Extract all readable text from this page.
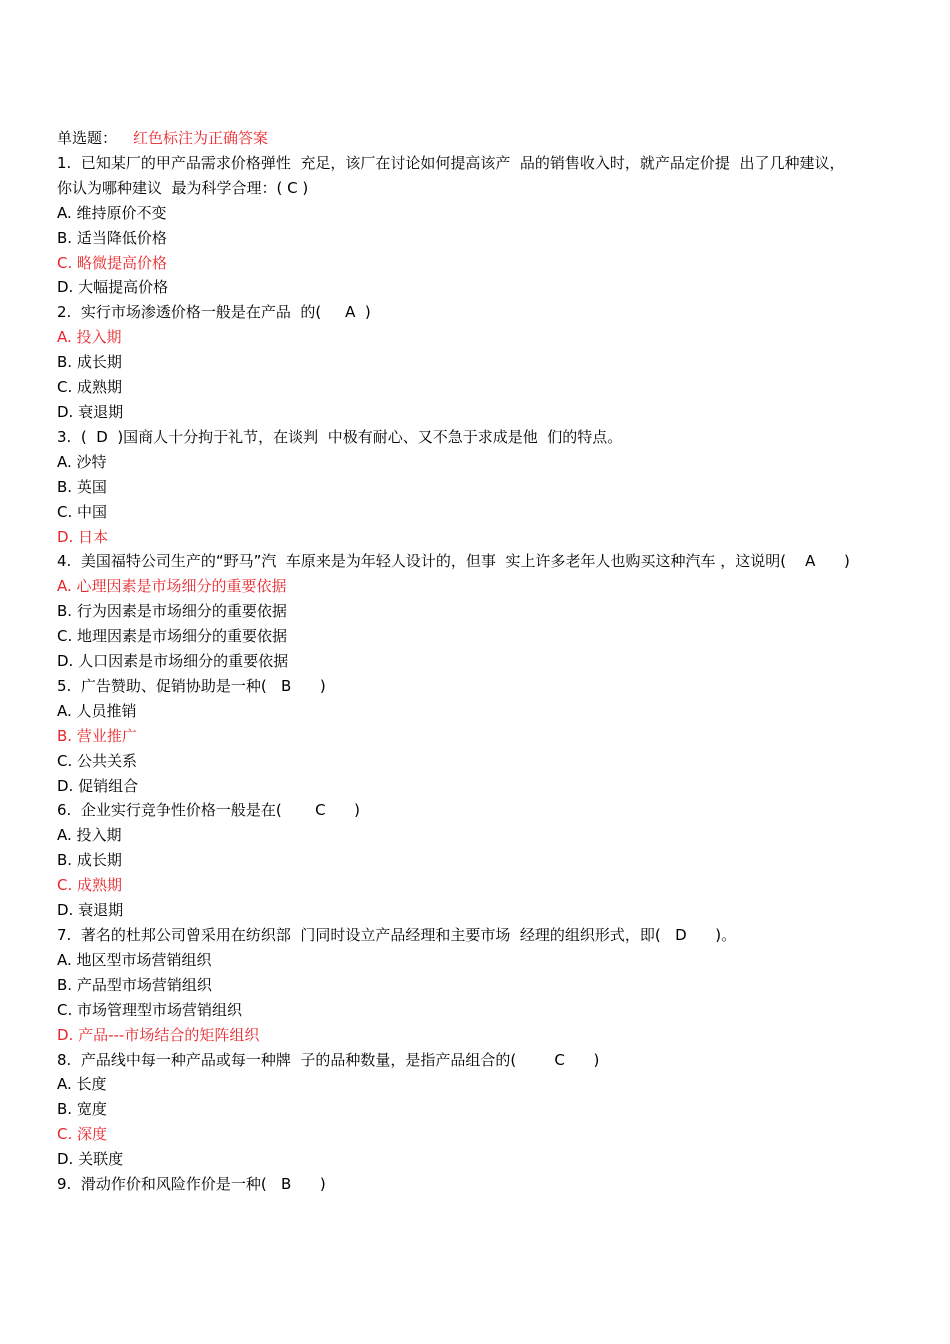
单选题： 红色标注为正确答案
1.  已知某厂的甲产品需求价格弹性  充足，该厂在讨论如何提高该产  品的销售收入时，就产品定价提  出了几种建议，你认为哪种建议  最为科学合理：( C )
A. 维持原价不变
B. 适当降低价格
C. 略微提高价格
D. 大幅提高价格
2.  实行市场渗透价格一般是在产品  的(     A  )
A. 投入期
B. 成长期
C. 成熟期
D. 衰退期
3.  (  D  )国商人十分拘于礼节，在谈判  中极有耐心、又不急于求成是他  们的特点。
A. 沙特
B. 英国
C. 中国
D. 日本
4.  美国福特公司生产的“野马”汽  车原来是为年轻人设计的，但事  实上许多老年人也购买这种汽车 ，这说明(    A      )
A. 心理因素是市场细分的重要依据
B. 行为因素是市场细分的重要依据
C. 地理因素是市场细分的重要依据
D. 人口因素是市场细分的重要依据
5.  广告赞助、促销协助是一种(   B      )
A. 人员推销
B. 营业推广
C. 公共关系
D. 促销组合
6.  企业实行竞争性价格一般是在(       C      )
A. 投入期
B. 成长期
C. 成熟期
D. 衰退期
7.  著名的杜邦公司曾采用在纺织部  门同时设立产品经理和主要市场  经理的组织形式，即(   D      )。
A. 地区型市场营销组织
B. 产品型市场营销组织
C. 市场管理型市场营销组织
D. 产品---市场结合的矩阵组织
8.  产品线中每一种产品或每一种牌  子的品种数量，是指产品组合的(        C      )
A. 长度
B. 宽度
C. 深度
D. 关联度
9.  滑动作价和风险作价是一种(   B      )
